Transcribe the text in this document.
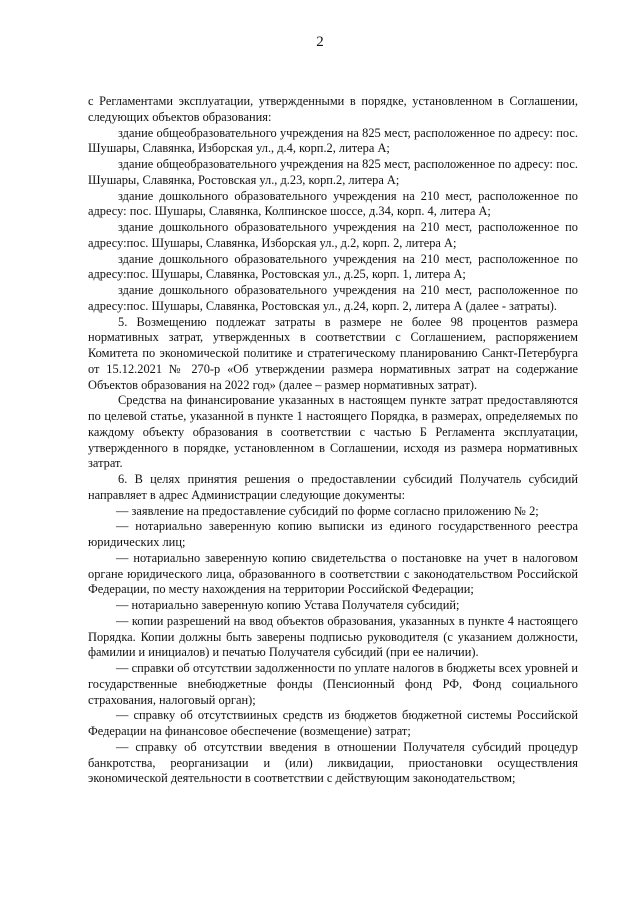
2

с Регламентами эксплуатации, утвержденными в порядке, установленном в Соглашении, следующих объектов образования:

здание общеобразовательного учреждения на 825 мест, расположенное по адресу: пос. Шушары, Славянка, Изборская ул., д.4, корп.2, литера А;

здание общеобразовательного учреждения на 825 мест, расположенное по адресу: пос. Шушары, Славянка, Ростовская ул., д.23, корп.2, литера А;

здание дошкольного образовательного учреждения на 210 мест, расположенное по адресу: пос. Шушары, Славянка, Колпинское шоссе, д.34, корп. 4, литера А;

здание дошкольного образовательного учреждения на 210 мест, расположенное по адресу:пос. Шушары, Славянка, Изборская ул., д.2, корп. 2, литера А;

здание дошкольного образовательного учреждения на 210 мест, расположенное по адресу:пос. Шушары, Славянка, Ростовская ул., д.25, корп. 1, литера А;

здание дошкольного образовательного учреждения на 210 мест, расположенное по адресу:пос. Шушары, Славянка, Ростовская ул., д.24, корп. 2, литера А (далее - затраты).

5. Возмещению подлежат затраты в размере не более 98 процентов размера нормативных затрат, утвержденных в соответствии с Соглашением, распоряжением Комитета по экономической политике и стратегическому планированию Санкт-Петербурга от 15.12.2021 № 270-р «Об утверждении размера нормативных затрат на содержание Объектов образования на 2022 год» (далее – размер нормативных затрат).

Средства на финансирование указанных в настоящем пункте затрат предоставляются по целевой статье, указанной в пункте 1 настоящего Порядка, в размерах, определяемых по каждому объекту образования в соответствии с частью Б Регламента эксплуатации, утвержденного в порядке, установленном в Соглашении, исходя из размера нормативных затрат.

6. В целях принятия решения о предоставлении субсидий Получатель субсидий направляет в адрес Администрации следующие документы:

— заявление на предоставление субсидий по форме согласно приложению № 2;

— нотариально заверенную копию выписки из единого государственного реестра юридических лиц;

— нотариально заверенную копию свидетельства о постановке на учет в налоговом органе юридического лица, образованного в соответствии с законодательством Российской Федерации, по месту нахождения на территории Российской Федерации;

— нотариально заверенную копию Устава Получателя субсидий;

— копии разрешений на ввод объектов образования, указанных в пункте 4 настоящего Порядка. Копии должны быть заверены подписью руководителя (с указанием должности, фамилии и инициалов) и печатью Получателя субсидий (при ее наличии).

— справки об отсутствии задолженности по уплате налогов в бюджеты всех уровней и государственные внебюджетные фонды (Пенсионный фонд РФ, Фонд социального страхования, налоговый орган);

— справку об отсутствииных средств из бюджетов бюджетной системы Российской Федерации на финансовое обеспечение (возмещение) затрат;

— справку об отсутствии введения в отношении Получателя субсидий процедур банкротства, реорганизации и (или) ликвидации, приостановки осуществления экономической деятельности в соответствии с действующим законодательством;
